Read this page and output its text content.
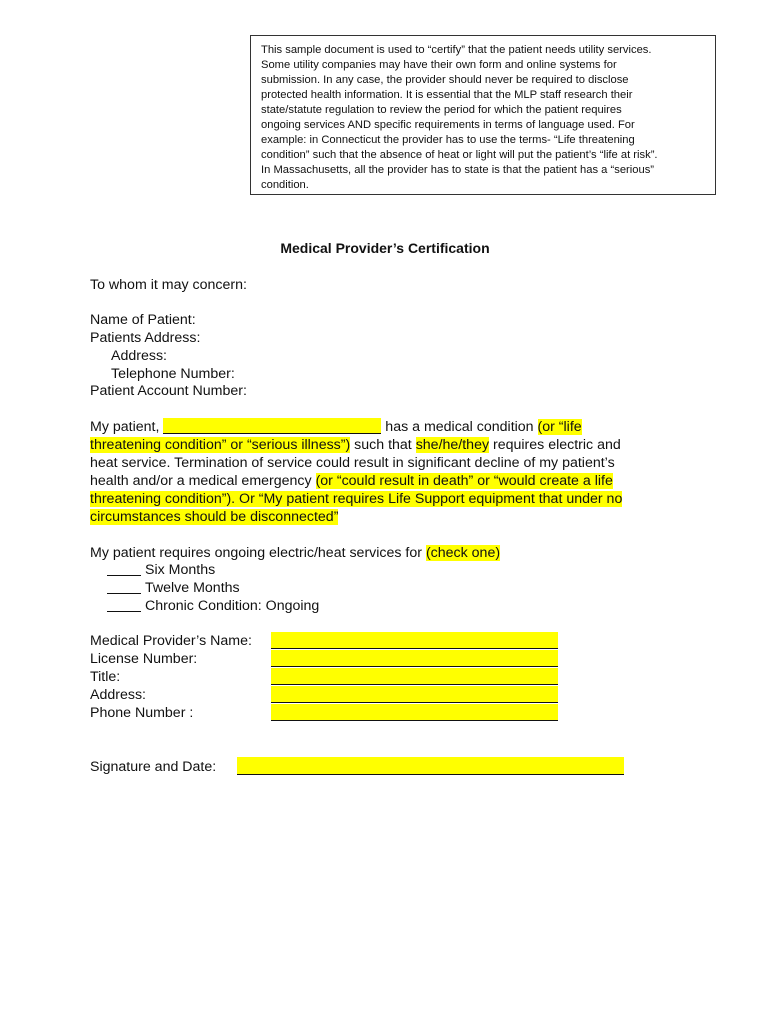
This sample document is used to “certify” that the patient needs utility services.
Some utility companies may have their own form and online systems for
submission. In any case, the provider should never be required to disclose
protected health information. It is essential that the MLP staff research their
state/statute regulation to review the period for which the patient requires
ongoing services AND specific requirements in terms of language used. For
example: in Connecticut the provider has to use the terms- “Life threatening
condition” such that the absence of heat or light will put the patient’s “life at risk”.
In Massachusetts, all the provider has to state is that the patient has a “serious”
condition.
Medical Provider’s Certification
To whom it may concern:
Name of Patient:
Patients Address:
Address:
Telephone Number:
Patient Account Number:
My patient,	has a medical condition (or “life
threatening condition” or “serious illness”) such that she/he/they requires electric and
heat service. Termination of service could result in significant decline of my patient’s
health and/or a medical emergency (or “could result in death” or “would create a life
threatening condition”). Or “My patient requires Life Support equipment that under no
circumstances should be disconnected”
My patient requires ongoing electric/heat services for (check one)
Six Months
Twelve Months
Chronic Condition: Ongoing
Medical Provider’s Name:
License Number:
Title:
Address:
Phone Number :
Signature and Date:
